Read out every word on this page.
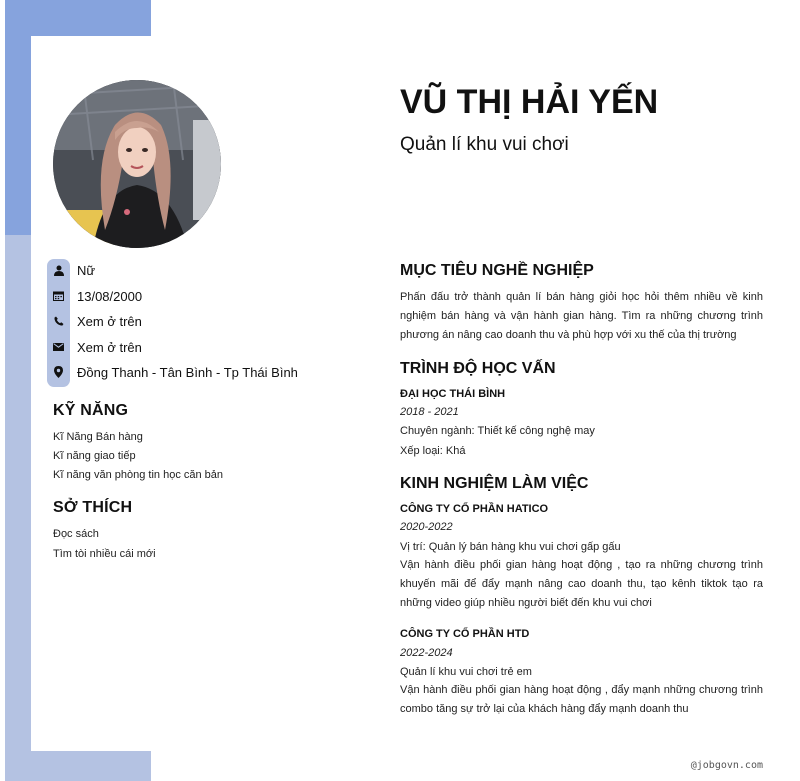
Nữ
13/08/2000
Xem ở trên
Xem ở trên
Đồng Thanh - Tân Bình - Tp Thái Bình
KỸ NĂNG
Kĩ Năng Bán hàng
Kĩ năng giao tiếp
Kĩ năng văn phòng tin học căn bản
SỞ THÍCH
Đọc sách
Tìm tòi nhiều cái mới
VŨ THỊ HẢI YẾN
Quản lí khu vui chơi
MỤC TIÊU NGHỀ NGHIỆP
Phấn đấu trở thành quản lí bán hàng giỏi học hỏi thêm nhiều về kinh nghiệm bán hàng và vận hành gian hàng. Tìm ra những chương trình phương án nâng cao doanh thu và phù hợp với xu thế của thị trường
TRÌNH ĐỘ HỌC VẤN
ĐẠI HỌC THÁI BÌNH
2018 - 2021
Chuyên ngành: Thiết kế công nghệ may
Xếp loại: Khá
KINH NGHIỆM LÀM VIỆC
CÔNG TY CỔ PHẦN HATICO
2020-2022
Vị trí: Quản lý bán hàng khu vui chơi gấp gấu
Vận hành điều phối gian hàng hoạt động , tạo ra những chương trình khuyến mãi để đẩy mạnh nâng cao doanh thu, tạo kênh tiktok tạo ra những video giúp nhiều người biết đến khu vui chơi
CÔNG TY CỔ PHẦN HTD
2022-2024
Quản lí khu vui chơi trẻ em
Vận hành điều phối gian hàng hoạt động , đẩy mạnh những chương trình combo tăng sự trở lại của khách hàng đẩy mạnh doanh thu
@jobgovn.com
